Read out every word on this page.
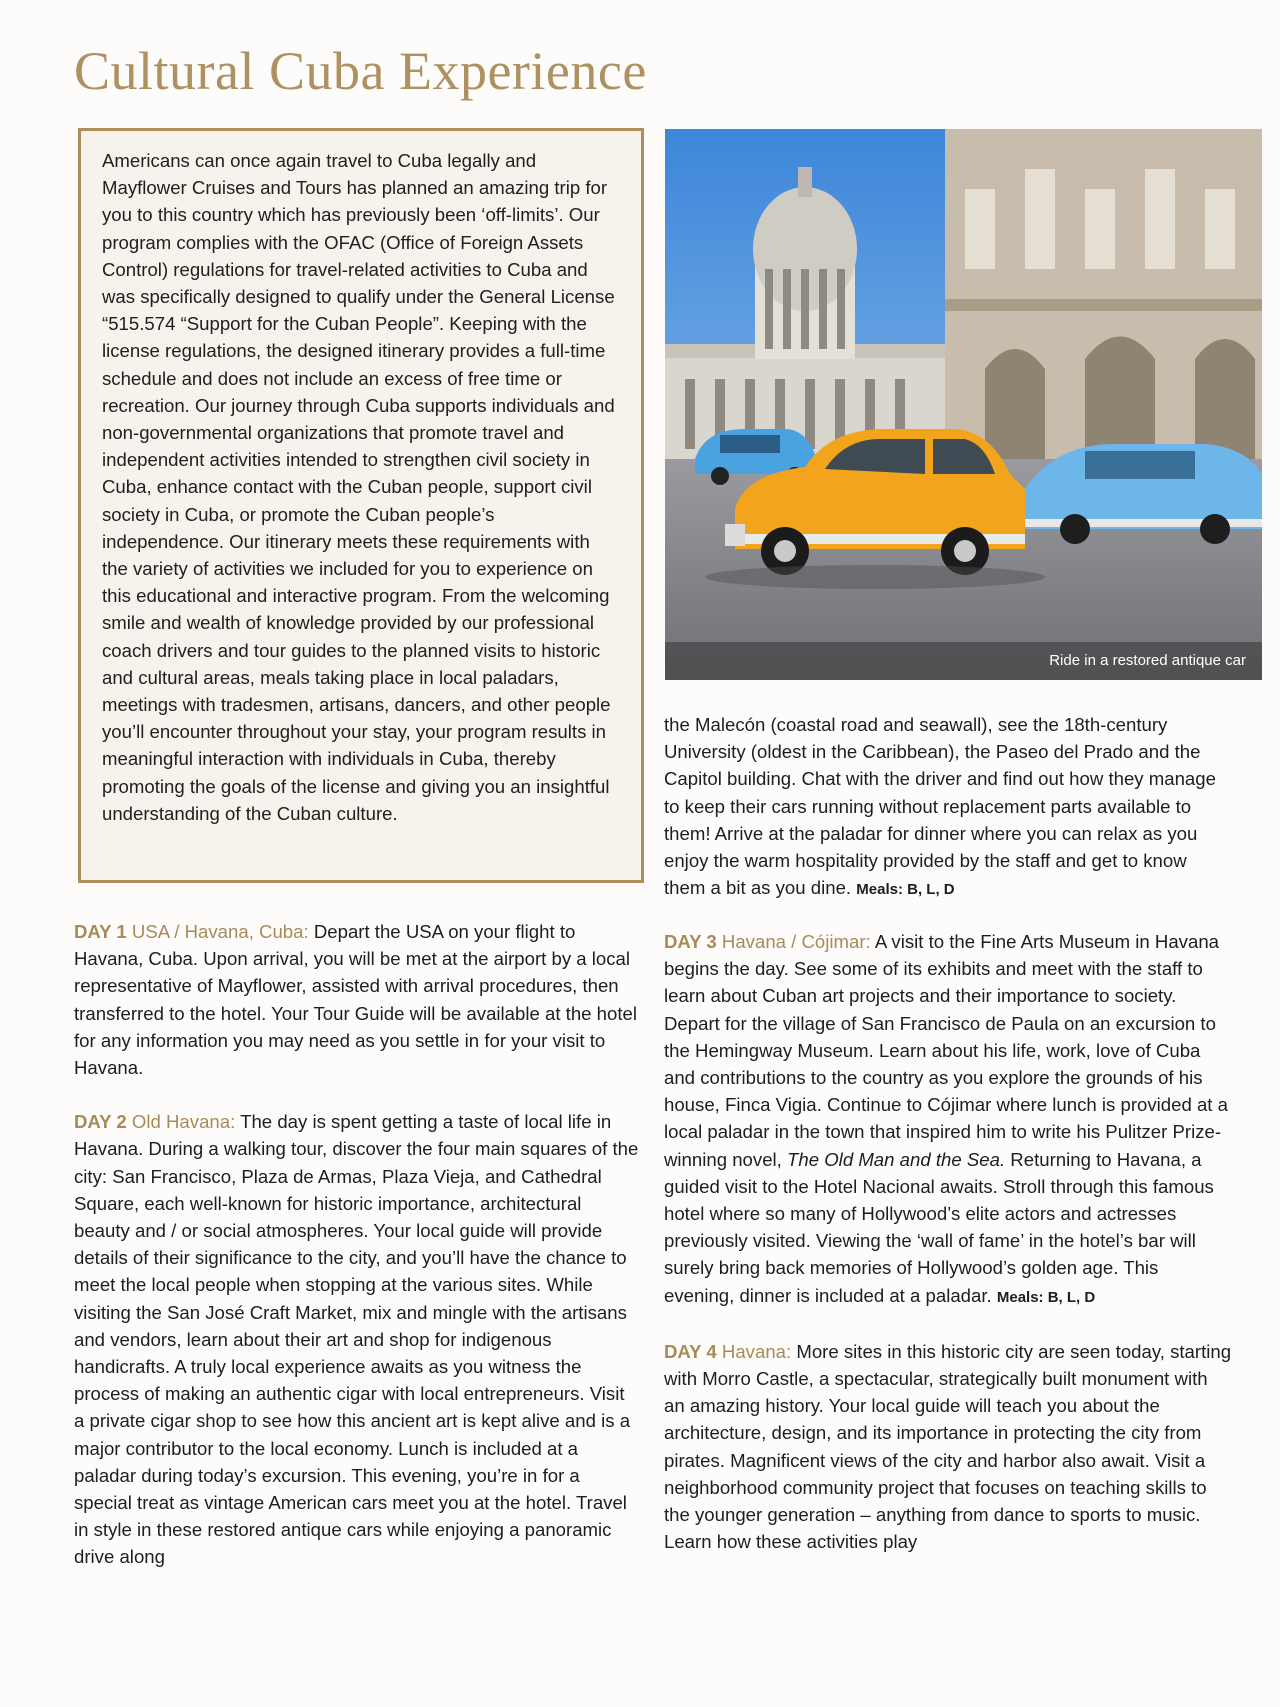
Cultural Cuba Experience

Americans can once again travel to Cuba legally and Mayflower Cruises and Tours has planned an amazing trip for you to this country which has previously been ‘off-limits’. Our program complies with the OFAC (Office of Foreign Assets Control) regulations for travel-related activities to Cuba and was specifically designed to qualify under the General License “515.574 “Support for the Cuban People”. Keeping with the license regulations, the designed itinerary provides a full-time schedule and does not include an excess of free time or recreation. Our journey through Cuba supports individuals and non-governmental organizations that promote travel and independent activities intended to strengthen civil society in Cuba, enhance contact with the Cuban people, support civil society in Cuba, or promote the Cuban people’s independence. Our itinerary meets these requirements with the variety of activities we included for you to experience on this educational and interactive program. From the welcoming smile and wealth of knowledge provided by our professional coach drivers and tour guides to the planned visits to historic and cultural areas, meals taking place in local paladars, meetings with tradesmen, artisans, dancers, and other people you’ll encounter throughout your stay, your program results in meaningful interaction with individuals in Cuba, thereby promoting the goals of the license and giving you an insightful understanding of the Cuban culture.

Ride in a restored antique car

the Malecón (coastal road and seawall), see the 18th-century University (oldest in the Caribbean), the Paseo del Prado and the Capitol building. Chat with the driver and find out how they manage to keep their cars running without replacement parts available to them! Arrive at the paladar for dinner where you can relax as you enjoy the warm hospitality provided by the staff and get to know them a bit as you dine. Meals: B, L, D

DAY 1 USA / Havana, Cuba: Depart the USA on your flight to Havana, Cuba. Upon arrival, you will be met at the airport by a local representative of Mayflower, assisted with arrival procedures, then transferred to the hotel. Your Tour Guide will be available at the hotel for any information you may need as you settle in for your visit to Havana.

DAY 2 Old Havana: The day is spent getting a taste of local life in Havana. During a walking tour, discover the four main squares of the city: San Francisco, Plaza de Armas, Plaza Vieja, and Cathedral Square, each well-known for historic importance, architectural beauty and / or social atmospheres. Your local guide will provide details of their significance to the city, and you’ll have the chance to meet the local people when stopping at the various sites. While visiting the San José Craft Market, mix and mingle with the artisans and vendors, learn about their art and shop for indigenous handicrafts. A truly local experience awaits as you witness the process of making an authentic cigar with local entrepreneurs. Visit a private cigar shop to see how this ancient art is kept alive and is a major contributor to the local economy. Lunch is included at a paladar during today’s excursion. This evening, you’re in for a special treat as vintage American cars meet you at the hotel. Travel in style in these restored antique cars while enjoying a panoramic drive along

DAY 3 Havana / Cójimar: A visit to the Fine Arts Museum in Havana begins the day. See some of its exhibits and meet with the staff to learn about Cuban art projects and their importance to society. Depart for the village of San Francisco de Paula on an excursion to the Hemingway Museum. Learn about his life, work, love of Cuba and contributions to the country as you explore the grounds of his house, Finca Vigia. Continue to Cójimar where lunch is provided at a local paladar in the town that inspired him to write his Pulitzer Prize-winning novel, The Old Man and the Sea. Returning to Havana, a guided visit to the Hotel Nacional awaits. Stroll through this famous hotel where so many of Hollywood’s elite actors and actresses previously visited. Viewing the ‘wall of fame’ in the hotel’s bar will surely bring back memories of Hollywood’s golden age. This evening, dinner is included at a paladar. Meals: B, L, D

DAY 4 Havana: More sites in this historic city are seen today, starting with Morro Castle, a spectacular, strategically built monument with an amazing history. Your local guide will teach you about the architecture, design, and its importance in protecting the city from pirates. Magnificent views of the city and harbor also await. Visit a neighborhood community project that focuses on teaching skills to the younger generation – anything from dance to sports to music. Learn how these activities play
